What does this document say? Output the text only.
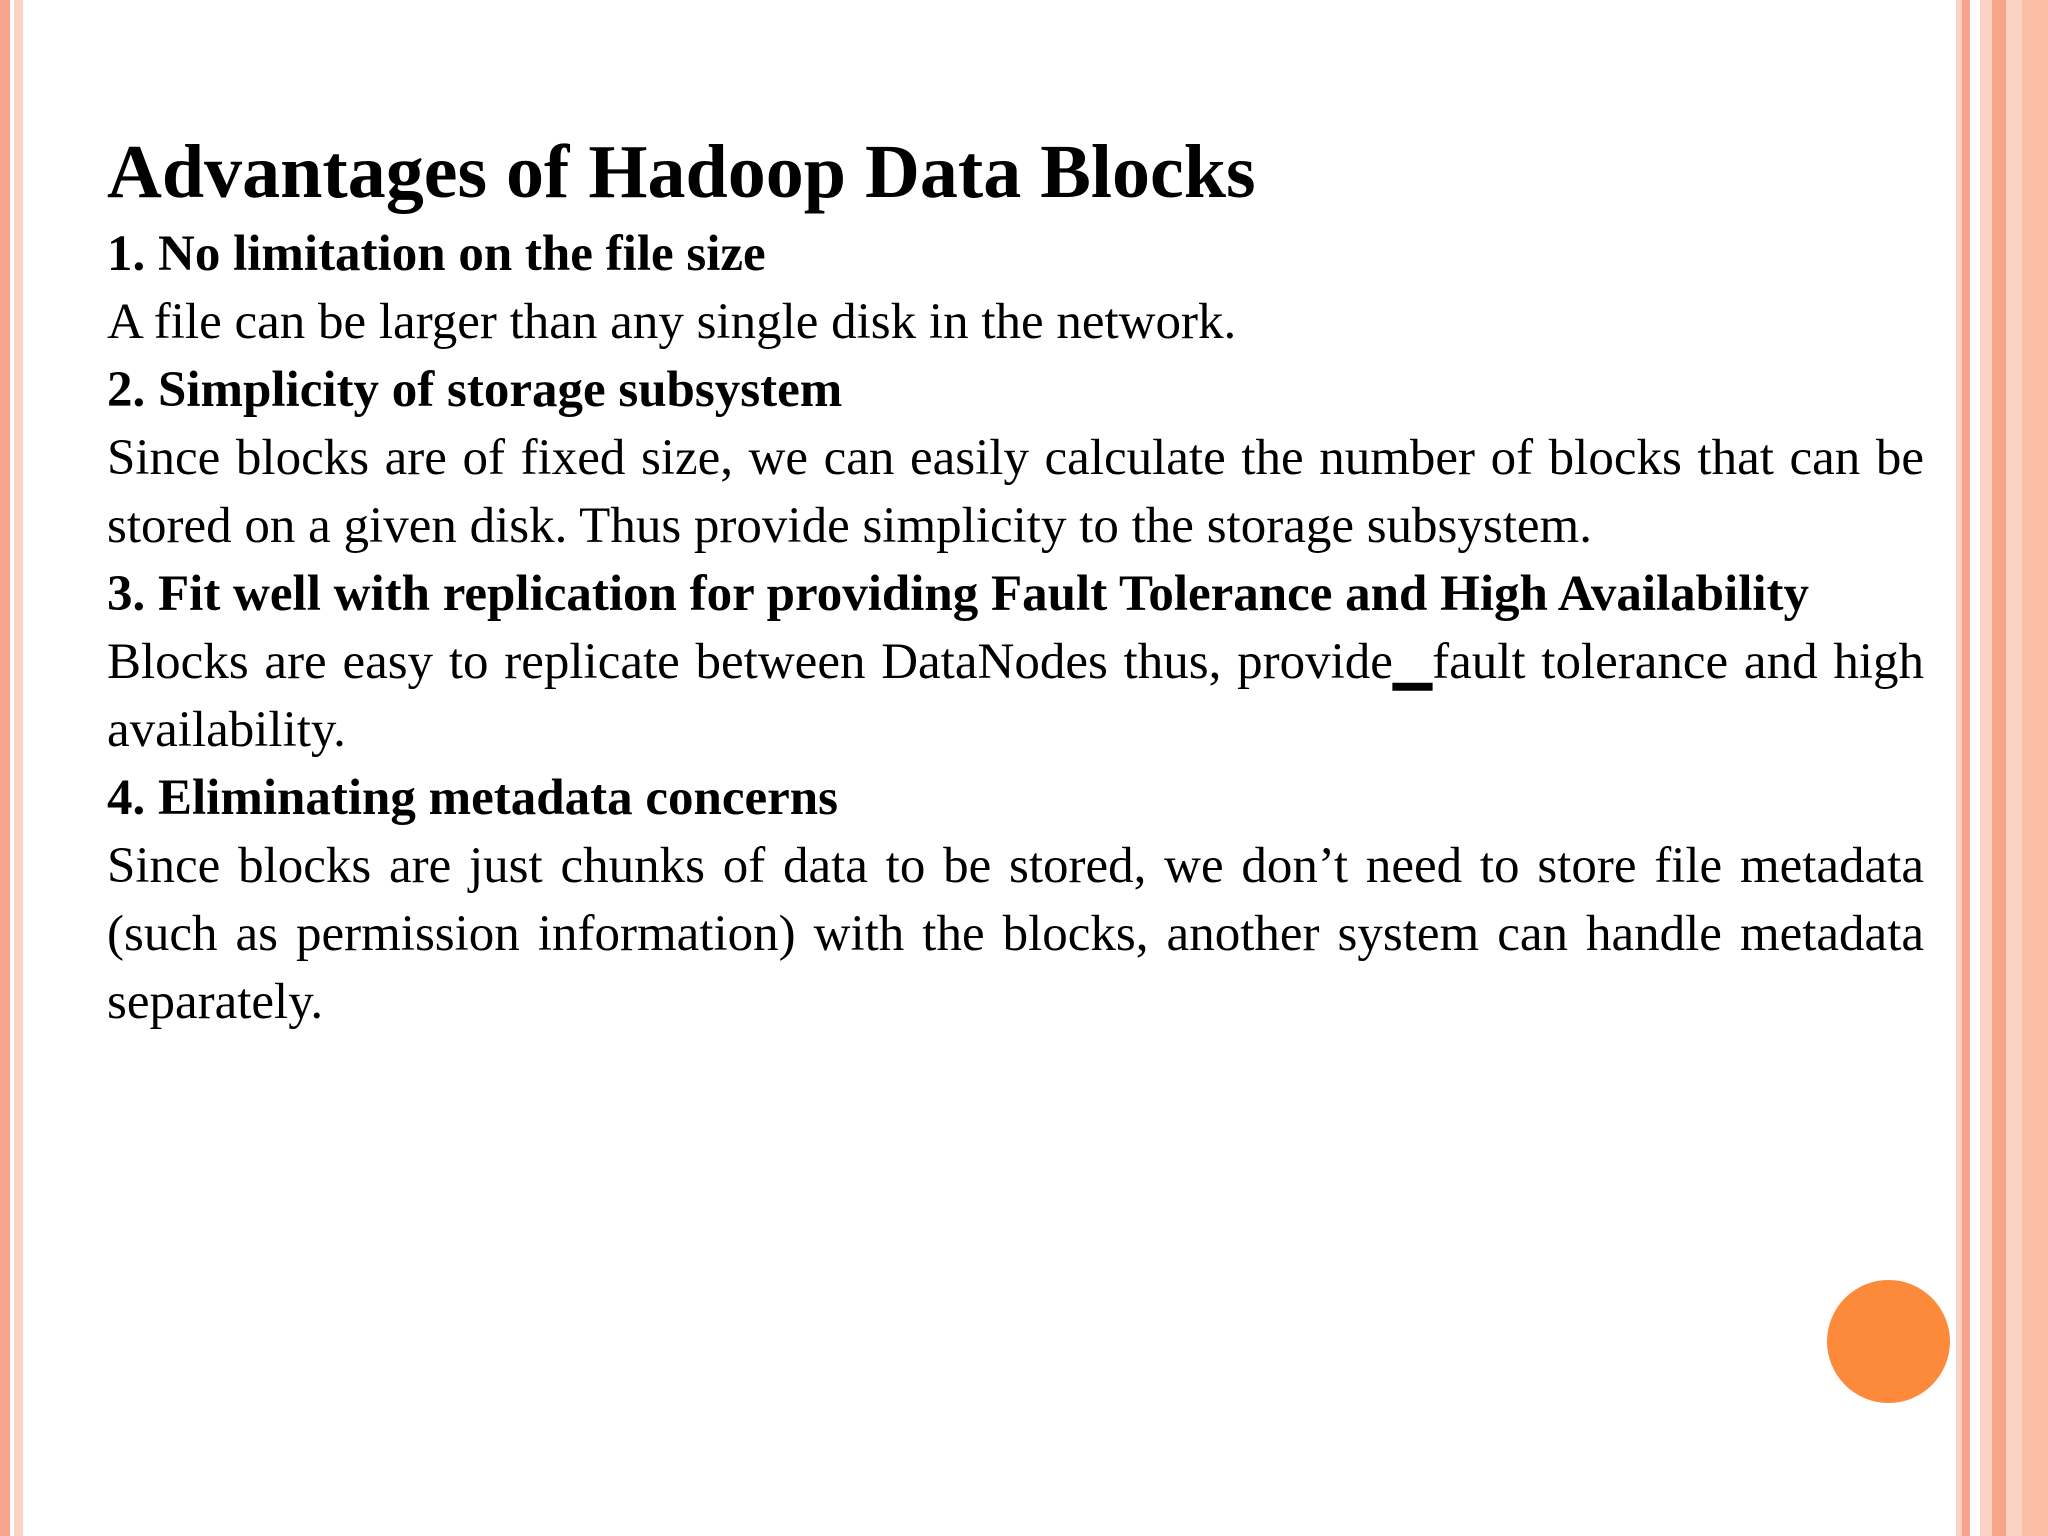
Advantages of Hadoop Data Blocks

1. No limitation on the file size

A file can be larger than any single disk in the network.

2. Simplicity of storage subsystem

Since blocks are of fixed size, we can easily calculate the number of blocks that can be stored on a given disk. Thus provide simplicity to the storage subsystem.

3. Fit well with replication for providing Fault Tolerance and High Availability

Blocks are easy to replicate between DataNodes thus, provide▁fault tolerance and high availability.

4. Eliminating metadata concerns

Since blocks are just chunks of data to be stored, we don’t need to store file metadata (such as permission information) with the blocks, another system can handle metadata separately.
